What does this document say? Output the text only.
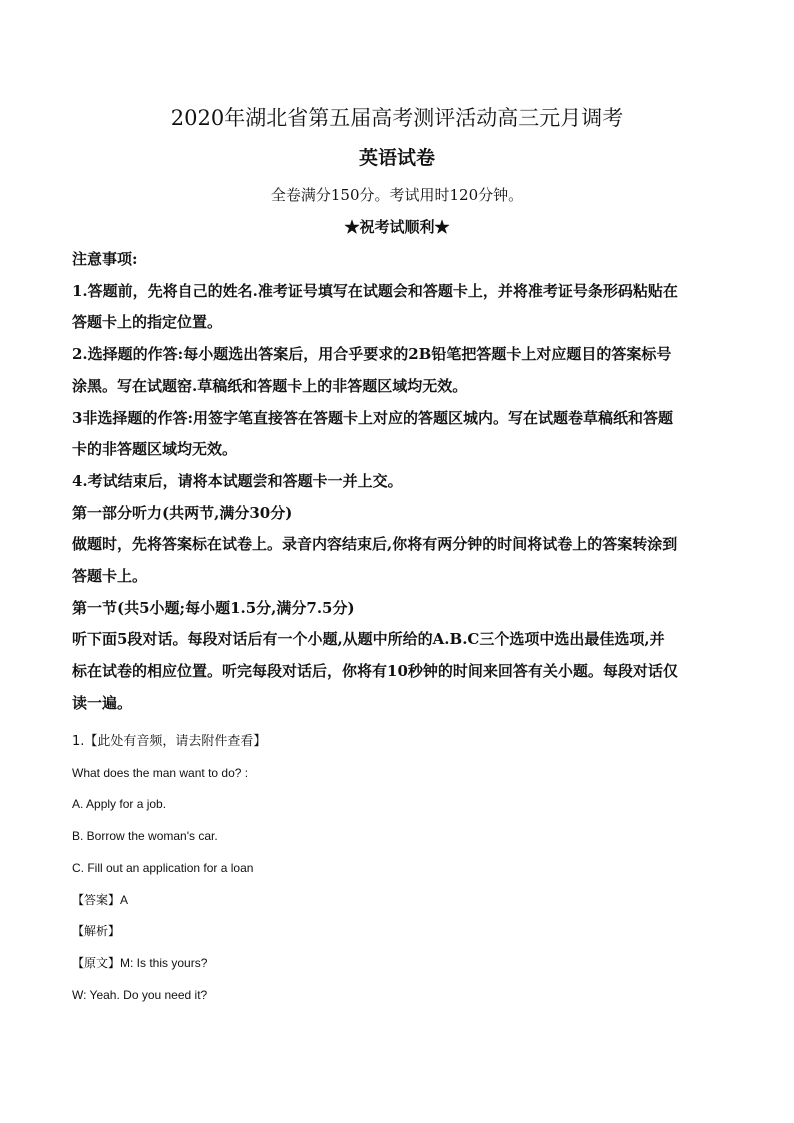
2020年湖北省第五届高考测评活动高三元月调考
英语试卷
全卷满分150分。考试用时120分钟。
★祝考试顺利★
注意事项:
1.答题前，先将自己的姓名.准考证号填写在试题会和答题卡上，并将准考证号条形码粘贴在
答题卡上的指定位置。
2.选择题的作答:每小题选出答案后，用合乎要求的2B铅笔把答题卡上对应题目的答案标号
涂黑。写在试题窑.草稿纸和答题卡上的非答题区域均无效。
3非选择题的作答:用签字笔直接答在答题卡上对应的答题区城内。写在试题卷草稿纸和答题
卡的非答题区域均无效。
4.考试结束后，请将本试题尝和答题卡一并上交。
第一部分听力(共两节,满分30分)
做题时，先将答案标在试卷上。录音内容结束后,你将有两分钟的时间将试卷上的答案转涂到
答题卡上。
第一节(共5小题;每小题1.5分,满分7.5分)
听下面5段对话。每段对话后有一个小题,从题中所给的A.B.C三个选项中选出最佳选项,并
标在试卷的相应位置。听完每段对话后，你将有10秒钟的时间来回答有关小题。每段对话仅
读一遍。
1.【此处有音频，请去附件查看】
What does the man want to do? :
A. Apply for a job.
B. Borrow the woman's car.
C. Fill out an application for a loan
【答案】A
【解析】
【原文】M: Is this yours?
W: Yeah. Do you need it?
